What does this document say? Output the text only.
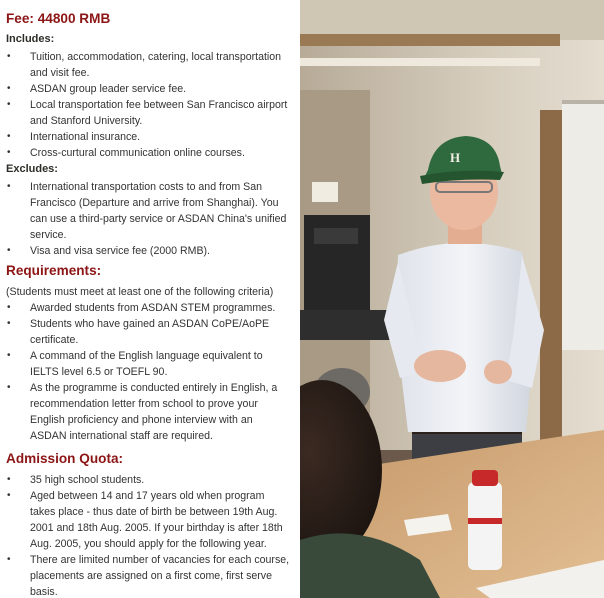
Fee: 44800 RMB
Includes:
• Tuition, accommodation, catering, local transportation and visit fee.
• ASDAN group leader service fee.
• Local transportation fee between San Francisco airport and Stanford University.
• International insurance.
• Cross-curtural communication online courses.
Excludes:
• International transportation costs to and from San Francisco (Departure and arrive from Shanghai). You can use a third-party service or ASDAN China's unified service.
• Visa and visa service fee (2000 RMB).
Requirements:
(Students must meet at least one of the following criteria)
• Awarded students from ASDAN STEM programmes.
• Students who have gained an ASDAN CoPE/AoPE certificate.
• A command of the English language equivalent to IELTS level 6.5 or TOEFL 90.
• As the programme is conducted entirely in English, a recommendation letter from school to prove your English proficiency and phone interview with an ASDAN international staff are required.
Admission Quota:
• 35 high school students.
• Aged between 14 and 17 years old when program takes place - thus date of birth be between 19th Aug. 2001 and 18th Aug. 2005. If your birthday is after 18th Aug. 2005, you should apply for the following year.
• There are limited number of vacancies for each course, placements are assigned on a first come, first serve basis.
H
